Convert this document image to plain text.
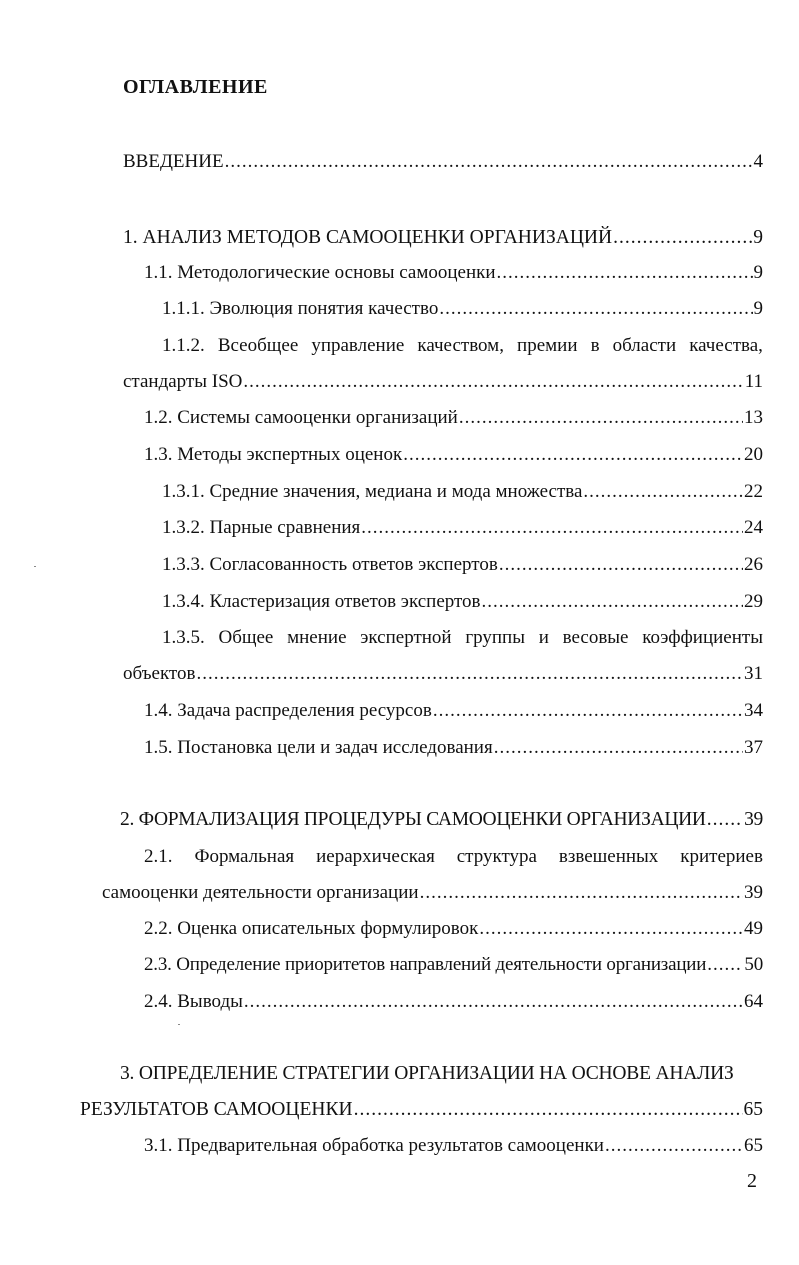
ОГЛАВЛЕНИЕ
ВВЕДЕНИЕ .....	4
1. АНАЛИЗ МЕТОДОВ САМООЦЕНКИ ОРГАНИЗАЦИЙ .....	9
1.1. Методологические основы самооценки .....	9
1.1.1. Эволюция понятия качество .....	9
1.1.2. Всеобщее управление качеством, премии в области качества,
стандарты ISO .....	11
1.2. Системы самооценки организаций .....	13
1.3. Методы экспертных оценок .....	20
1.3.1. Средние значения, медиана и мода множества .....	22
1.3.2. Парные сравнения .....	24
1.3.3. Согласованность ответов экспертов .....	26
1.3.4. Кластеризация ответов экспертов .....	29
1.3.5. Общее мнение экспертной группы и весовые коэффициенты
объектов .....	31
1.4. Задача распределения ресурсов .....	34
1.5. Постановка цели и задач исследования .....	37
2. ФОРМАЛИЗАЦИЯ ПРОЦЕДУРЫ САМООЦЕНКИ ОРГАНИЗАЦИИ ..... 39
2.1. Формальная иерархическая структура взвешенных критериев
самооценки деятельности организации .....	39
2.2. Оценка описательных формулировок .....	49
2.3. Определение приоритетов направлений деятельности организации ..... 50
2.4. Выводы .....	64
3. ОПРЕДЕЛЕНИЕ СТРАТЕГИИ ОРГАНИЗАЦИИ НА ОСНОВЕ АНАЛИЗ
РЕЗУЛЬТАТОВ САМООЦЕНКИ .....	65
3.1. Предварительная обработка результатов самооценки .....	65
2
